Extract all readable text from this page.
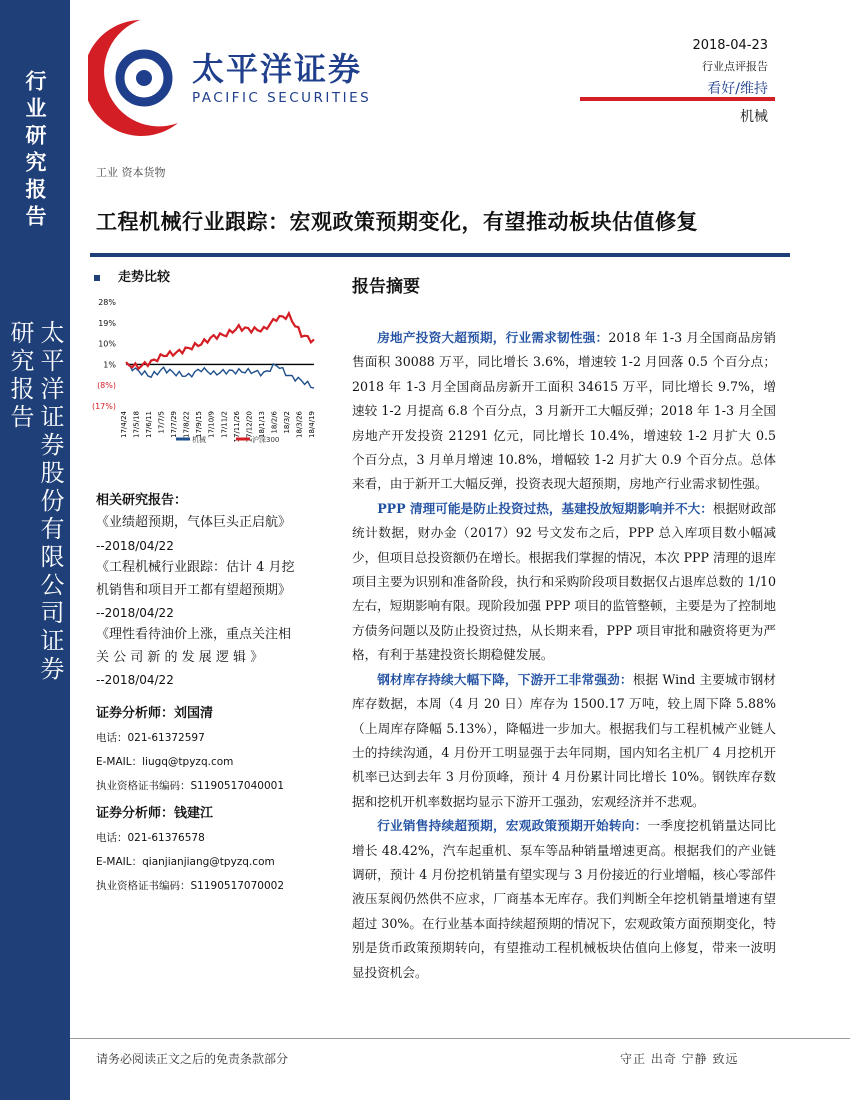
行业研究报告
太平洋证券股份有限公司证券研究报告
太平洋证券
PACIFIC SECURITIES
2018-04-23
行业点评报告
看好/维持
机械
工业 资本货物
工程机械行业跟踪：宏观政策预期变化，有望推动板块估值修复
走势比较
28%
19%
10%
1%
(8%)
(17%)
17/4/24 17/5/18 17/6/11 17/7/5 17/7/29 17/8/22 17/9/15 17/10/9 17/11/2 17/11/26 17/12/20 18/1/13 18/2/6 18/3/2 18/3/26 18/4/19
机械	沪深300
相关研究报告：
《业绩超预期，气体巨头正启航》
--2018/04/22
《工程机械行业跟踪：估计 4 月挖
机销售和项目开工都有望超预期》
--2018/04/22
《理性看待油价上涨，重点关注相
关 公 司 新 的 发 展 逻 辑 》
--2018/04/22
证券分析师：刘国清
电话：021-61372597
E-MAIL：liugq@tpyzq.com
执业资格证书编码：S1190517040001
证券分析师：钱建江
电话：021-61376578
E-MAIL：qianjianjiang@tpyzq.com
执业资格证书编码：S1190517070002
报告摘要

房地产投资大超预期，行业需求韧性强：2018 年 1-3 月全国商品房销售面积 30088 万平，同比增长 3.6%，增速较 1-2 月回落 0.5 个百分点；2018 年 1-3 月全国商品房新开工面积 34615 万平，同比增长 9.7%，增速较 1-2 月提高 6.8 个百分点，3 月新开工大幅反弹；2018 年 1-3 月全国房地产开发投资 21291 亿元，同比增长 10.4%，增速较 1-2 月扩大 0.5 个百分点，3 月单月增速 10.8%，增幅较 1-2 月扩大 0.9 个百分点。总体来看，由于新开工大幅反弹，投资表现大超预期，房地产行业需求韧性强。

PPP 清理可能是防止投资过热，基建投放短期影响并不大：根据财政部统计数据，财办金（2017）92 号文发布之后，PPP 总入库项目数小幅减少，但项目总投资额仍在增长。根据我们掌握的情况，本次 PPP 清理的退库项目主要为识别和准备阶段，执行和采购阶段项目数据仅占退库总数的 1/10 左右，短期影响有限。现阶段加强 PPP 项目的监管整顿，主要是为了控制地方债务问题以及防止投资过热，从长期来看，PPP 项目审批和融资将更为严格，有利于基建投资长期稳健发展。

钢材库存持续大幅下降，下游开工非常强劲：根据 Wind 主要城市钢材库存数据，本周（4 月 20 日）库存为 1500.17 万吨，较上周下降 5.88%（上周库存降幅 5.13%），降幅进一步加大。根据我们与工程机械产业链人士的持续沟通，4 月份开工明显强于去年同期，国内知名主机厂 4 月挖机开机率已达到去年 3 月份顶峰，预计 4 月份累计同比增长 10%。钢铁库存数据和挖机开机率数据均显示下游开工强劲，宏观经济并不悲观。

行业销售持续超预期，宏观政策预期开始转向：一季度挖机销量达同比增长 48.42%，汽车起重机、泵车等品种销量增速更高。根据我们的产业链调研，预计 4 月份挖机销量有望实现与 3 月份接近的行业增幅，核心零部件液压泵阀仍然供不应求，厂商基本无库存。我们判断全年挖机销量增速有望超过 30%。在行业基本面持续超预期的情况下，宏观政策方面预期变化，特别是货币政策预期转向，有望推动工程机械板块估值向上修复，带来一波明显投资机会。

请务必阅读正文之后的免责条款部分	守正 出奇 宁静 致远
